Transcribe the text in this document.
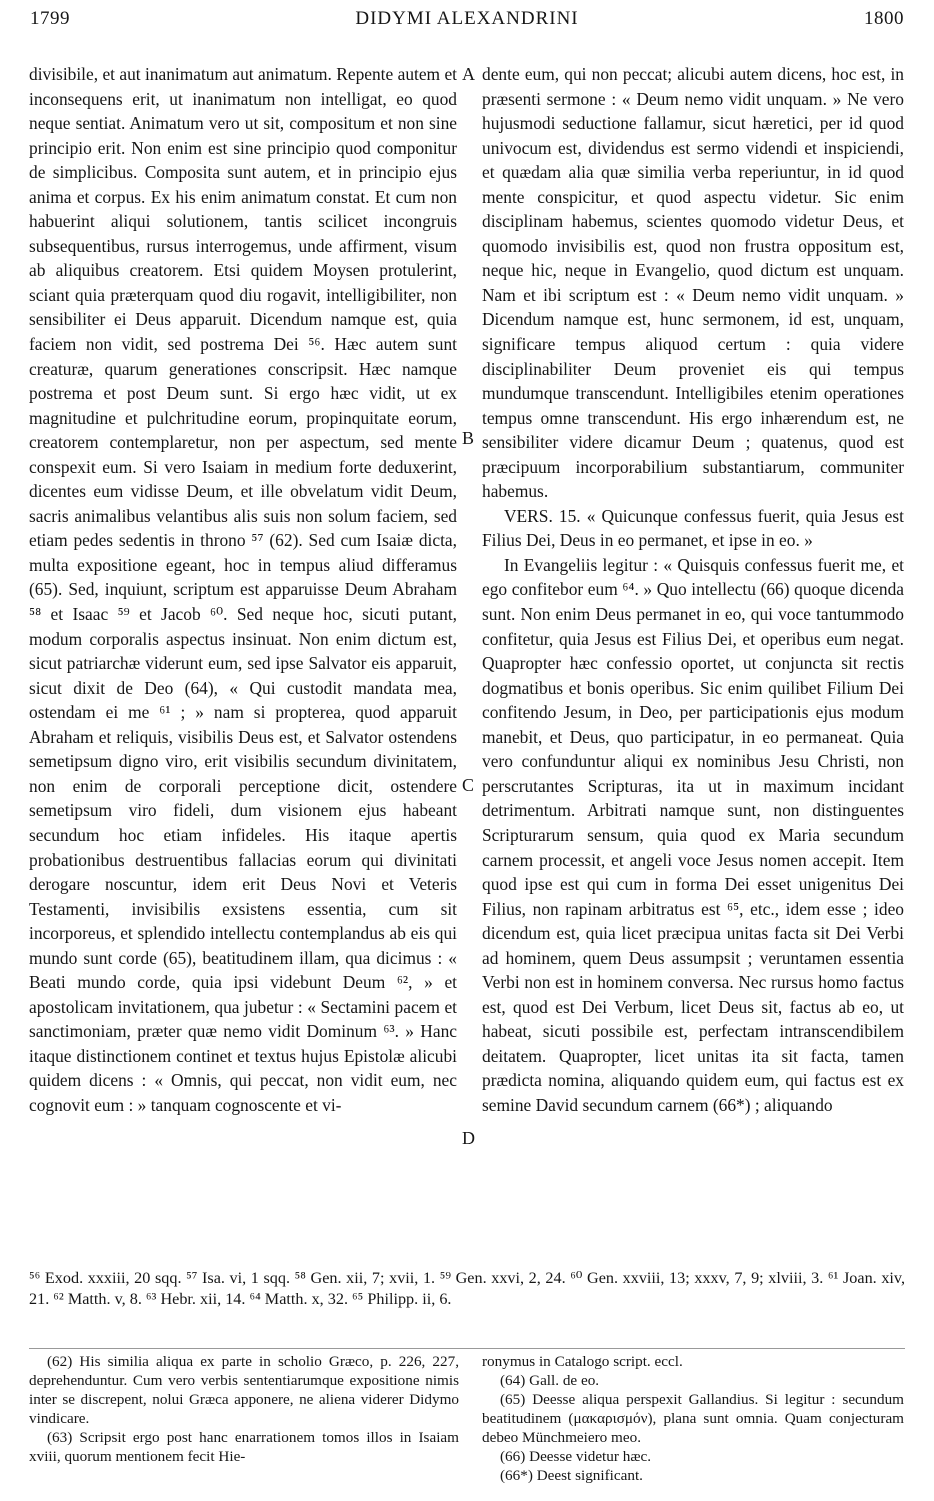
1799	DIDYMI ALEXANDRINI	1800

divisibile, et aut inanimatum aut animatum. Repente autem et inconsequens erit, ut inanimatum non intelligat, eo quod neque sentiat. Animatum vero ut sit, compositum et non sine principio erit. Non enim est sine principio quod componitur de simplicibus. Composita sunt autem, et in principio ejus anima et corpus. Ex his enim animatum constat. Et cum non habuerint aliqui solutionem, tantis scilicet incongruis subsequentibus, rursus interrogemus, unde affirment, visum ab aliquibus creatorem. Etsi quidem Moysen protulerint, sciant quia præterquam quod diu rogavit, intelligibiliter, non sensibiliter ei Deus apparuit. Dicendum namque est, quia faciem non vidit, sed postrema Dei ⁵⁶. Hæc autem sunt creaturæ, quarum generationes conscripsit. Hæc namque postrema et post Deum sunt. Si ergo hæc vidit, ut ex magnitudine et pulchritudine eorum, propinquitate eorum, creatorem contemplaretur, non per aspectum, sed mente conspexit eum. Si vero Isaiam in medium forte deduxerint, dicentes eum vidisse Deum, et ille obvelatum vidit Deum, sacris animalibus velantibus alis suis non solum faciem, sed etiam pedes sedentis in throno ⁵⁷ (62). Sed cum Isaiæ dicta, multa expositione egeant, hoc in tempus aliud differamus (65). Sed, inquiunt, scriptum est apparuisse Deum Abraham ⁵⁸ et Isaac ⁵⁹ et Jacob ⁶⁰. Sed neque hoc, sicuti putant, modum corporalis aspectus insinuat. Non enim dictum est, sicut patriarchæ viderunt eum, sed ipse Salvator eis apparuit, sicut dixit de Deo (64), « Qui custodit mandata mea, ostendam ei me ⁶¹ ; » nam si propterea, quod apparuit Abraham et reliquis, visibilis Deus est, et Salvator ostendens semetipsum digno viro, erit visibilis secundum divinitatem, non enim de corporali perceptione dicit, ostendere semetipsum viro fideli, dum visionem ejus habeant secundum hoc etiam infideles. His itaque apertis probationibus destruentibus fallacias eorum qui divinitati derogare noscuntur, idem erit Deus Novi et Veteris Testamenti, invisibilis exsistens essentia, cum sit incorporeus, et splendido intellectu contemplandus ab eis qui mundo sunt corde (65), beatitudinem illam, qua dicimus : « Beati mundo corde, quia ipsi videbunt Deum ⁶², » et apostolicam invitationem, qua jubetur : « Sectamini pacem et sanctimoniam, præter quæ nemo vidit Dominum ⁶³. » Hanc itaque distinctionem continet et textus hujus Epistolæ alicubi quidem dicens : « Omnis, qui peccat, non vidit eum, nec cognovit eum : » tanquam cognoscente et vi-

A
B
C
D

dente eum, qui non peccat; alicubi autem dicens, hoc est, in præsenti sermone : « Deum nemo vidit unquam. » Ne vero hujusmodi seductione fallamur, sicut hæretici, per id quod univocum est, dividendus est sermo videndi et inspiciendi, et quædam alia quæ similia verba reperiuntur, in id quod mente conspicitur, et quod aspectu videtur. Sic enim disciplinam habemus, scientes quomodo videtur Deus, et quomodo invisibilis est, quod non frustra oppositum est, neque hic, neque in Evangelio, quod dictum est unquam. Nam et ibi scriptum est : « Deum nemo vidit unquam. » Dicendum namque est, hunc sermonem, id est, unquam, significare tempus aliquod certum : quia videre disciplinabiliter Deum proveniet eis qui tempus mundumque transcendunt. Intelligibiles etenim operationes tempus omne transcendunt. His ergo inhærendum est, ne sensibiliter videre dicamur Deum ; quatenus, quod est præcipuum incorporabilium substantiarum, communiter habemus.

VERS. 15. « Quicunque confessus fuerit, quia Jesus est Filius Dei, Deus in eo permanet, et ipse in eo. »

In Evangeliis legitur : « Quisquis confessus fuerit me, et ego confitebor eum ⁶⁴. » Quo intellectu (66) quoque dicenda sunt. Non enim Deus permanet in eo, qui voce tantummodo confitetur, quia Jesus est Filius Dei, et operibus eum negat. Quapropter hæc confessio oportet, ut conjuncta sit rectis dogmatibus et bonis operibus. Sic enim quilibet Filium Dei confitendo Jesum, in Deo, per participationis ejus modum manebit, et Deus, quo participatur, in eo permaneat. Quia vero confunduntur aliqui ex nominibus Jesu Christi, non perscrutantes Scripturas, ita ut in maximum incidant detrimentum. Arbitrati namque sunt, non distinguentes Scripturarum sensum, quia quod ex Maria secundum carnem processit, et angeli voce Jesus nomen accepit. Item quod ipse est qui cum in forma Dei esset unigenitus Dei Filius, non rapinam arbitratus est ⁶⁵, etc., idem esse ; ideo dicendum est, quia licet præcipua unitas facta sit Dei Verbi ad hominem, quem Deus assumpsit ; veruntamen essentia Verbi non est in hominem conversa. Nec rursus homo factus est, quod est Dei Verbum, licet Deus sit, factus ab eo, ut habeat, sicuti possibile est, perfectam intranscendibilem deitatem. Quapropter, licet unitas ita sit facta, tamen prædicta nomina, aliquando quidem eum, qui factus est ex semine David secundum carnem (66*) ; aliquando

⁵⁶ Exod. xxxiii, 20 sqq. ⁵⁷ Isa. vi, 1 sqq. ⁵⁸ Gen. xii, 7; xvii, 1. ⁵⁹ Gen. xxvi, 2, 24. ⁶⁰ Gen. xxviii, 13; xxxv, 7, 9; xlviii, 3. ⁶¹ Joan. xiv, 21. ⁶² Matth. v, 8. ⁶³ Hebr. xii, 14. ⁶⁴ Matth. x, 32. ⁶⁵ Philipp. ii, 6.

(62) His similia aliqua ex parte in scholio Græco, p. 226, 227, deprehenduntur. Cum vero verbis sententiarumque expositione nimis inter se discrepent, nolui Græca apponere, ne aliena viderer Didymo vindicare.

(63) Scripsit ergo post hanc enarrationem tomos illos in Isaiam xviii, quorum mentionem fecit Hie-

ronymus in Catalogo script. eccl.

(64) Gall. de eo.

(65) Deesse aliqua perspexit Gallandius. Si legitur : secundum beatitudinem (μακαρισμόν), plana sunt omnia. Quam conjecturam debeo Münchmeiero meo.

(66) Deesse videtur hæc.

(66*) Deest significant.
